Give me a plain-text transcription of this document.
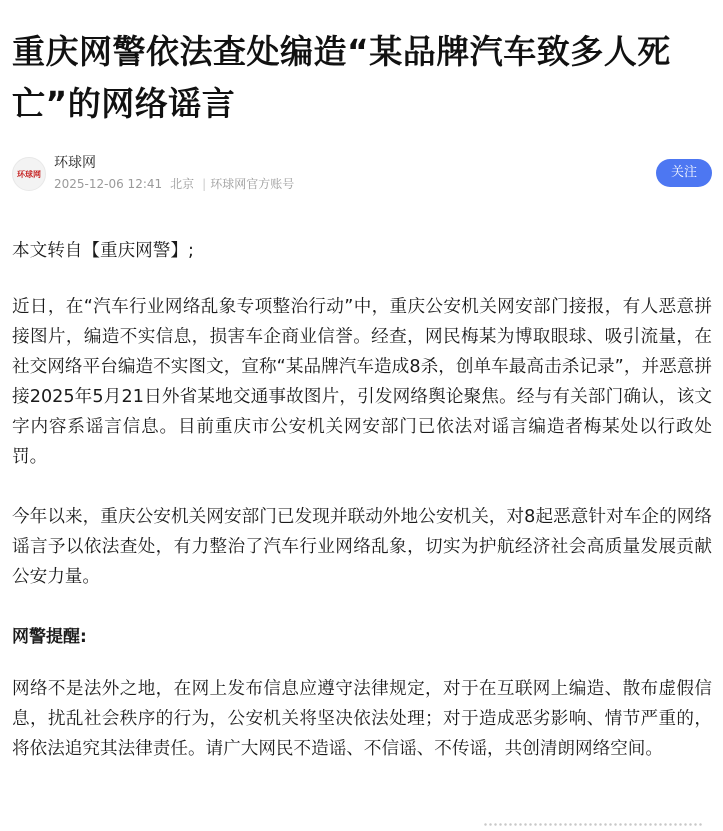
重庆网警依法查处编造“某品牌汽车致多人死亡”的网络谣言
环球网
环球网
2025-12-06 12:41 北京 | 环球网官方账号
关注

本文转自【重庆网警】;

近日，在“汽车行业网络乱象专项整治行动”中，重庆公安机关网安部门接报，有人恶意拼接图片，编造不实信息，损害车企商业信誉。经查，网民梅某为博取眼球、吸引流量，在社交网络平台编造不实图文，宣称“某品牌汽车造成8杀，创单车最高击杀记录”，并恶意拼接2025年5月21日外省某地交通事故图片，引发网络舆论聚焦。经与有关部门确认，该文字内容系谣言信息。目前重庆市公安机关网安部门已依法对谣言编造者梅某处以行政处罚。

今年以来，重庆公安机关网安部门已发现并联动外地公安机关，对8起恶意针对车企的网络谣言予以依法查处，有力整治了汽车行业网络乱象，切实为护航经济社会高质量发展贡献公安力量。

网警提醒:

网络不是法外之地，在网上发布信息应遵守法律规定，对于在互联网上编造、散布虚假信息，扰乱社会秩序的行为，公安机关将坚决依法处理；对于造成恶劣影响、情节严重的，将依法追究其法律责任。请广大网民不造谣、不信谣、不传谣，共创清朗网络空间。
